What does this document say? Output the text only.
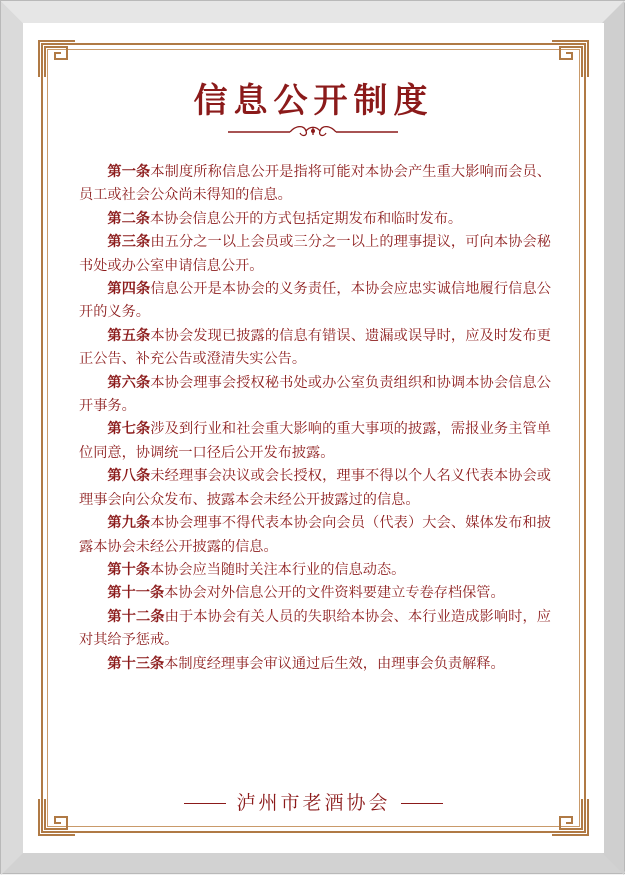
信息公开制度

第一条本制度所称信息公开是指将可能对本协会产生重大影响而会员、员工或社会公众尚未得知的信息。

第二条本协会信息公开的方式包括定期发布和临时发布。

第三条由五分之一以上会员或三分之一以上的理事提议，可向本协会秘书处或办公室申请信息公开。

第四条信息公开是本协会的义务责任，本协会应忠实诚信地履行信息公开的义务。

第五条本协会发现已披露的信息有错误、遗漏或误导时，应及时发布更正公告、补充公告或澄清失实公告。

第六条本协会理事会授权秘书处或办公室负责组织和协调本协会信息公开事务。

第七条涉及到行业和社会重大影响的重大事项的披露，需报业务主管单位同意，协调统一口径后公开发布披露。

第八条未经理事会决议或会长授权，理事不得以个人名义代表本协会或理事会向公众发布、披露本会未经公开披露过的信息。

第九条本协会理事不得代表本协会向会员（代表）大会、媒体发布和披露本协会未经公开披露的信息。

第十条本协会应当随时关注本行业的信息动态。

第十一条本协会对外信息公开的文件资料要建立专卷存档保管。

第十二条由于本协会有关人员的失职给本协会、本行业造成影响时，应对其给予惩戒。

第十三条本制度经理事会审议通过后生效，由理事会负责解释。

泸州市老酒协会
